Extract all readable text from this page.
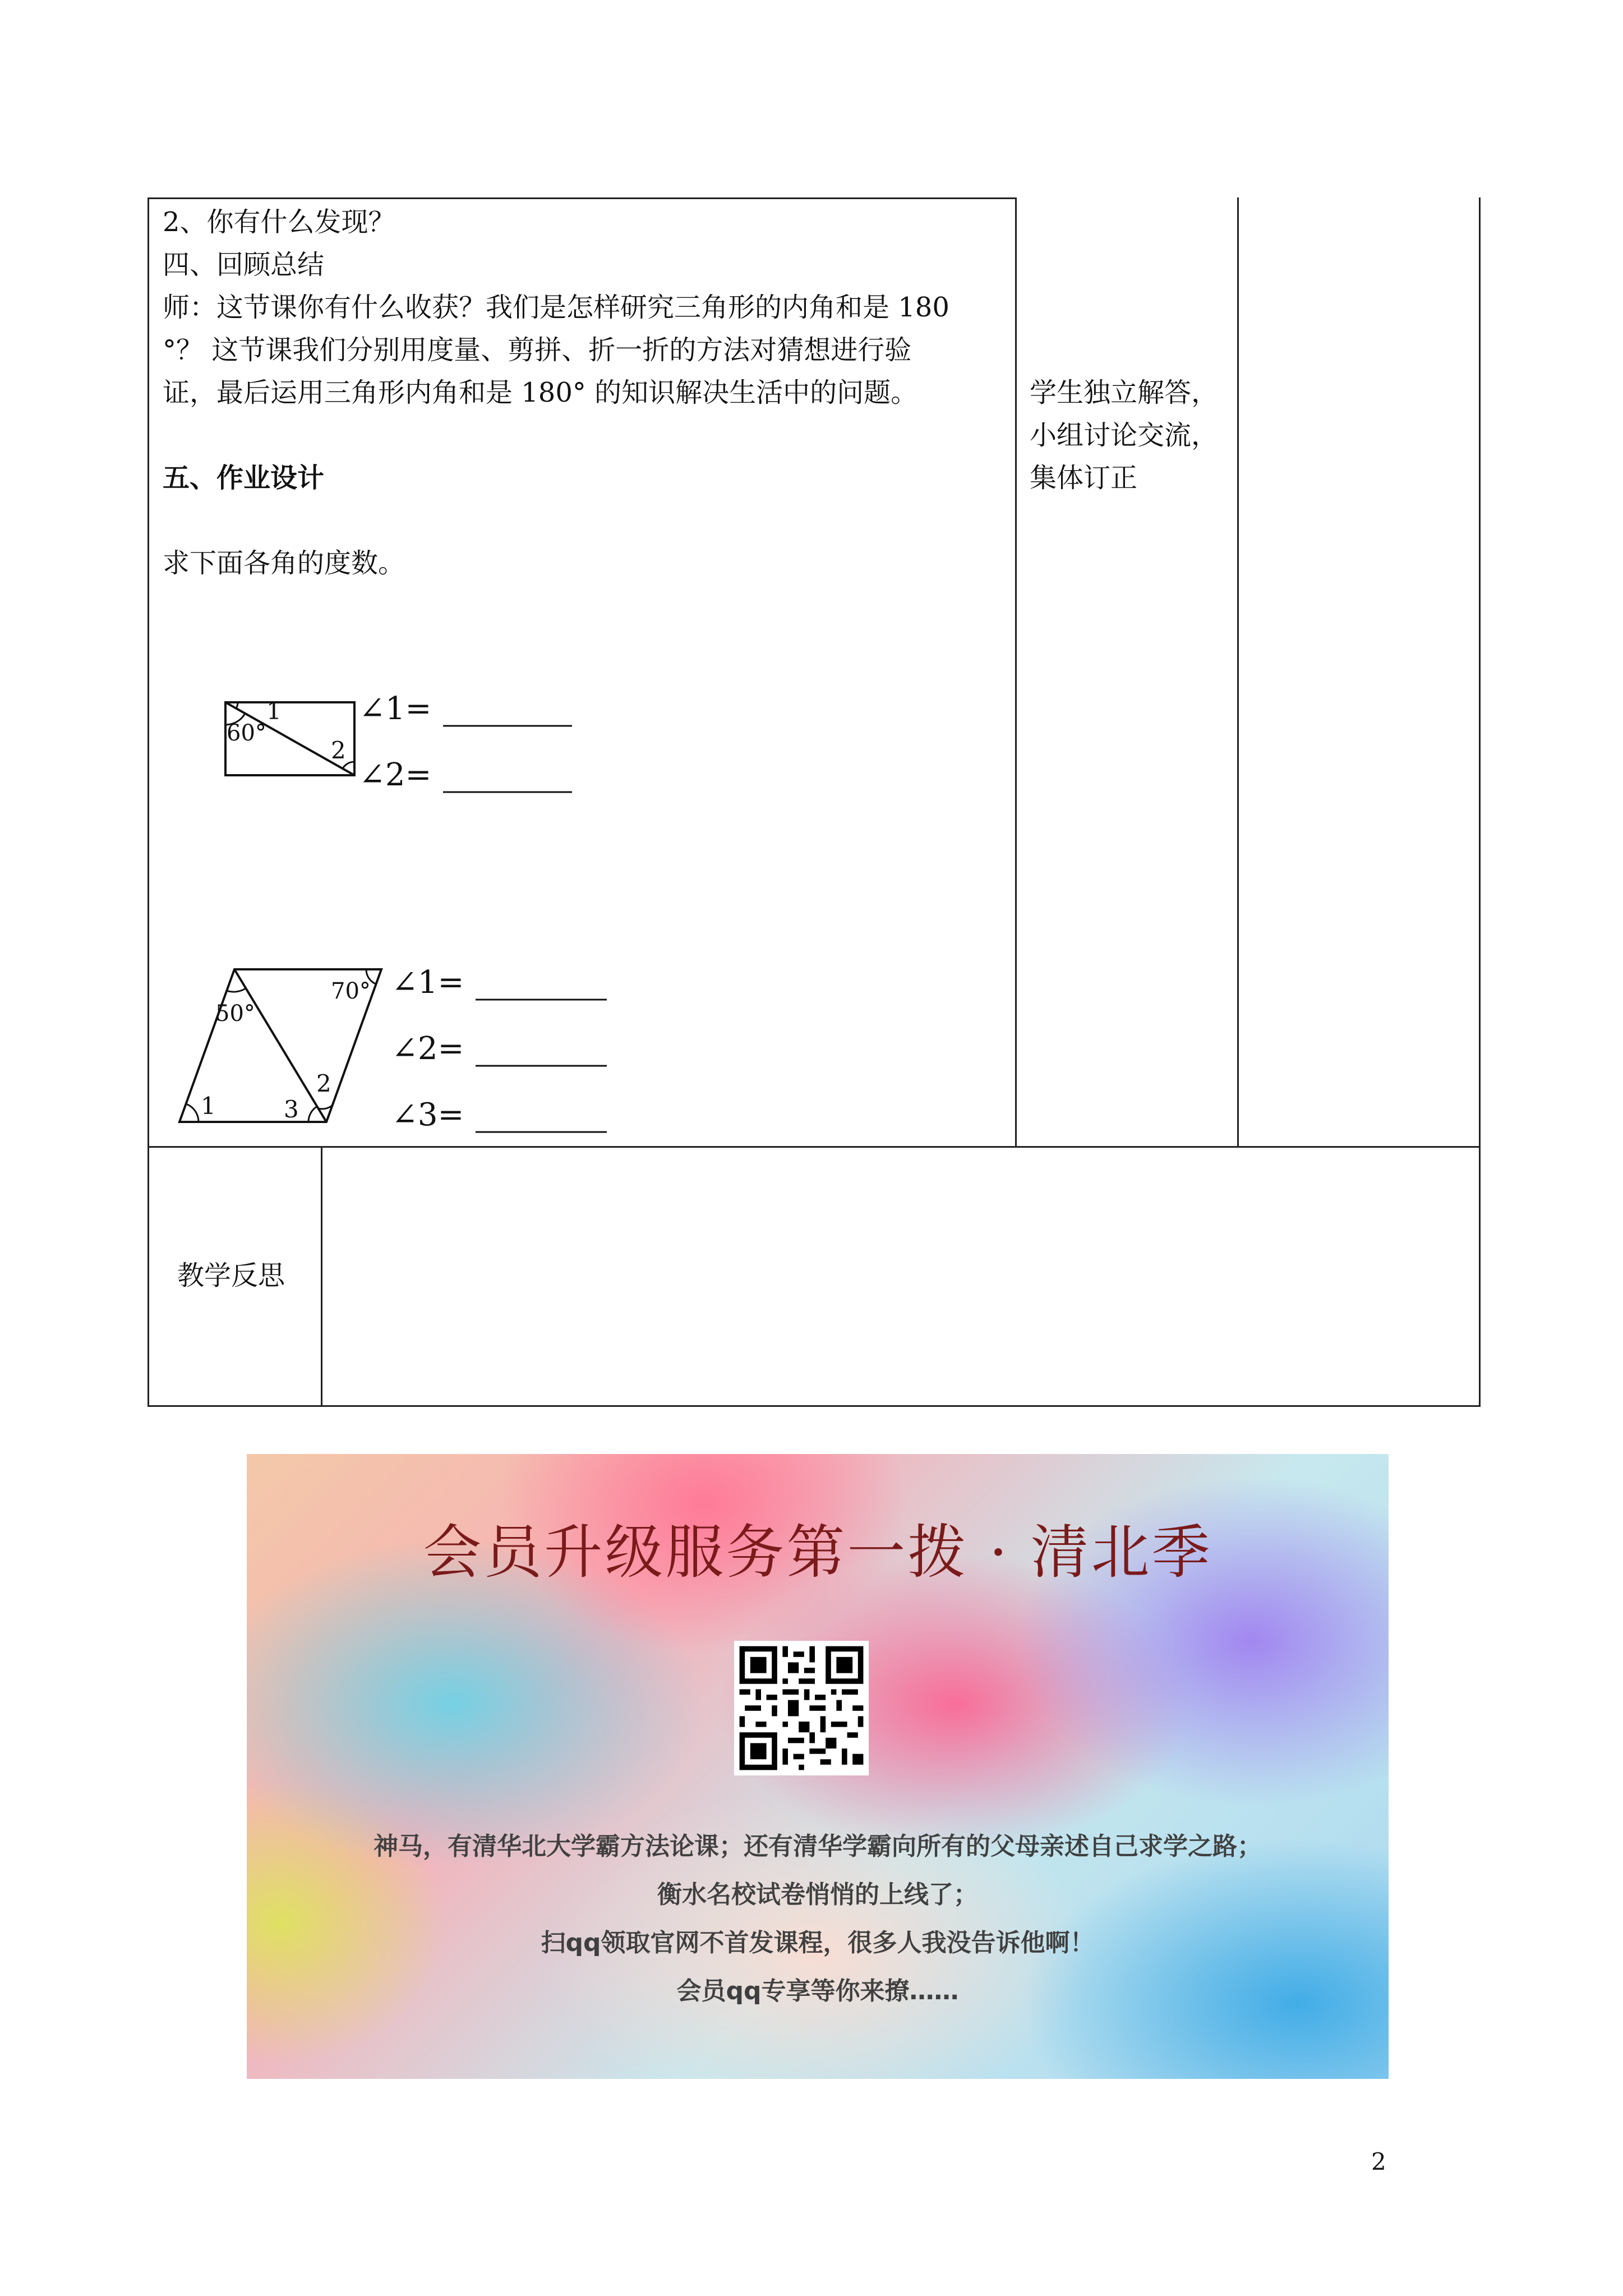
2、你有什么发现？
四、回顾总结
师：这节课你有什么收获？我们是怎样研究三角形的内角和是 180
°？ 这节课我们分别用度量、剪拼、折一折的方法对猜想进行验
证，最后运用三角形内角和是 180° 的知识解决生活中的问题。
五、作业设计
求下面各角的度数。
学生独立解答，
小组讨论交流，
集体订正
60°
1
2
∠1=
∠2=
50°
70°
1
2
3
∠1=
∠2=
∠3=
教学反思
会员升级服务第一拨 · 清北季
神马，有清华北大学霸方法论课；还有清华学霸向所有的父母亲述自己求学之路；
衡水名校试卷悄悄的上线了；
扫qq领取官网不首发课程，很多人我没告诉他啊！
会员qq专享等你来撩……
2
